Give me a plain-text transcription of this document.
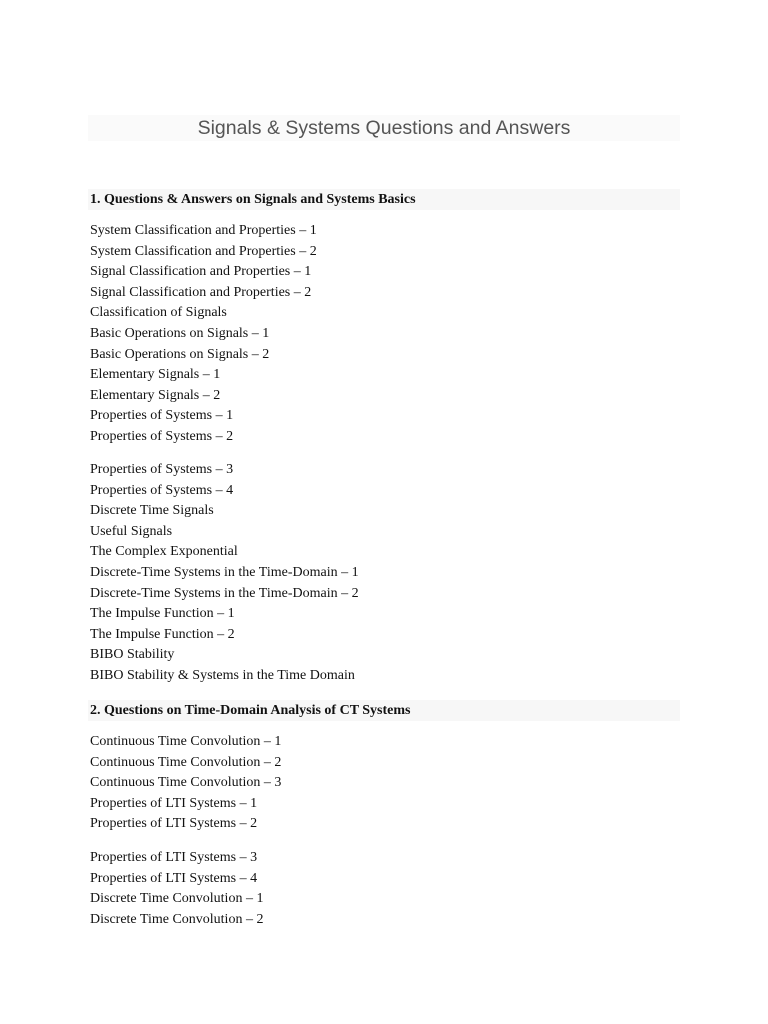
Signals & Systems Questions and Answers
1. Questions & Answers on Signals and Systems Basics
System Classification and Properties – 1
System Classification and Properties – 2
Signal Classification and Properties – 1
Signal Classification and Properties – 2
Classification of Signals
Basic Operations on Signals – 1
Basic Operations on Signals – 2
Elementary Signals – 1
Elementary Signals – 2
Properties of Systems – 1
Properties of Systems – 2
Properties of Systems – 3
Properties of Systems – 4
Discrete Time Signals
Useful Signals
The Complex Exponential
Discrete-Time Systems in the Time-Domain – 1
Discrete-Time Systems in the Time-Domain – 2
The Impulse Function – 1
The Impulse Function – 2
BIBO Stability
BIBO Stability & Systems in the Time Domain
2. Questions on Time-Domain Analysis of CT Systems
Continuous Time Convolution – 1
Continuous Time Convolution – 2
Continuous Time Convolution – 3
Properties of LTI Systems – 1
Properties of LTI Systems – 2
Properties of LTI Systems – 3
Properties of LTI Systems – 4
Discrete Time Convolution – 1
Discrete Time Convolution – 2
